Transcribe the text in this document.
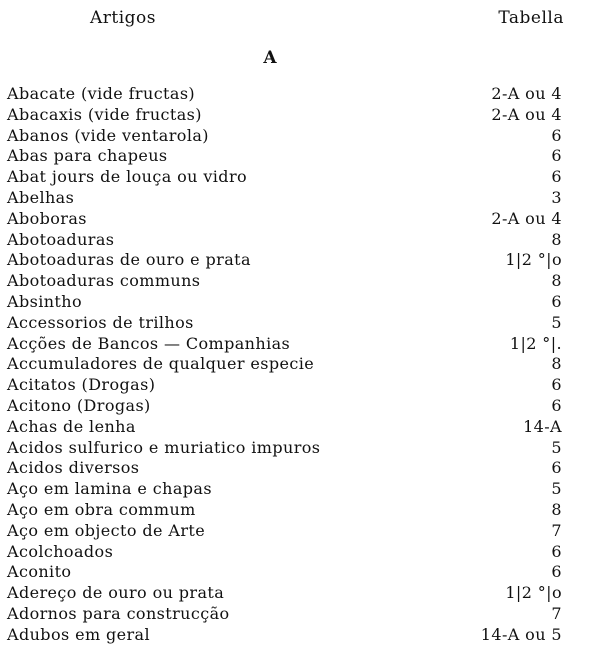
Artigos	Tabella
A
Abacate (vide fructas)	2-A ou 4
Abacaxis (vide fructas)	2-A ou 4
Abanos (vide ventarola)	6
Abas para chapeus	6
Abat jours de louça ou vidro	6
Abelhas	3
Aboboras	2-A ou 4
Abotoaduras	8
Abotoaduras de ouro e prata	1|2 °|o
Abotoaduras communs	8
Absintho	6
Accessorios de trilhos	5
Acções de Bancos — Companhias	1|2 °|.
Accumuladores de qualquer especie	8
Acitatos (Drogas)	6
Acitono (Drogas)	6
Achas de lenha	14-A
Acidos sulfurico e muriatico impuros	5
Acidos diversos	6
Aço em lamina e chapas	5
Aço em obra commum	8
Aço em objecto de Arte	7
Acolchoados	6
Aconito	6
Adereço de ouro ou prata	1|2 °|o
Adornos para construcção	7
Adubos em geral	14-A ou 5
